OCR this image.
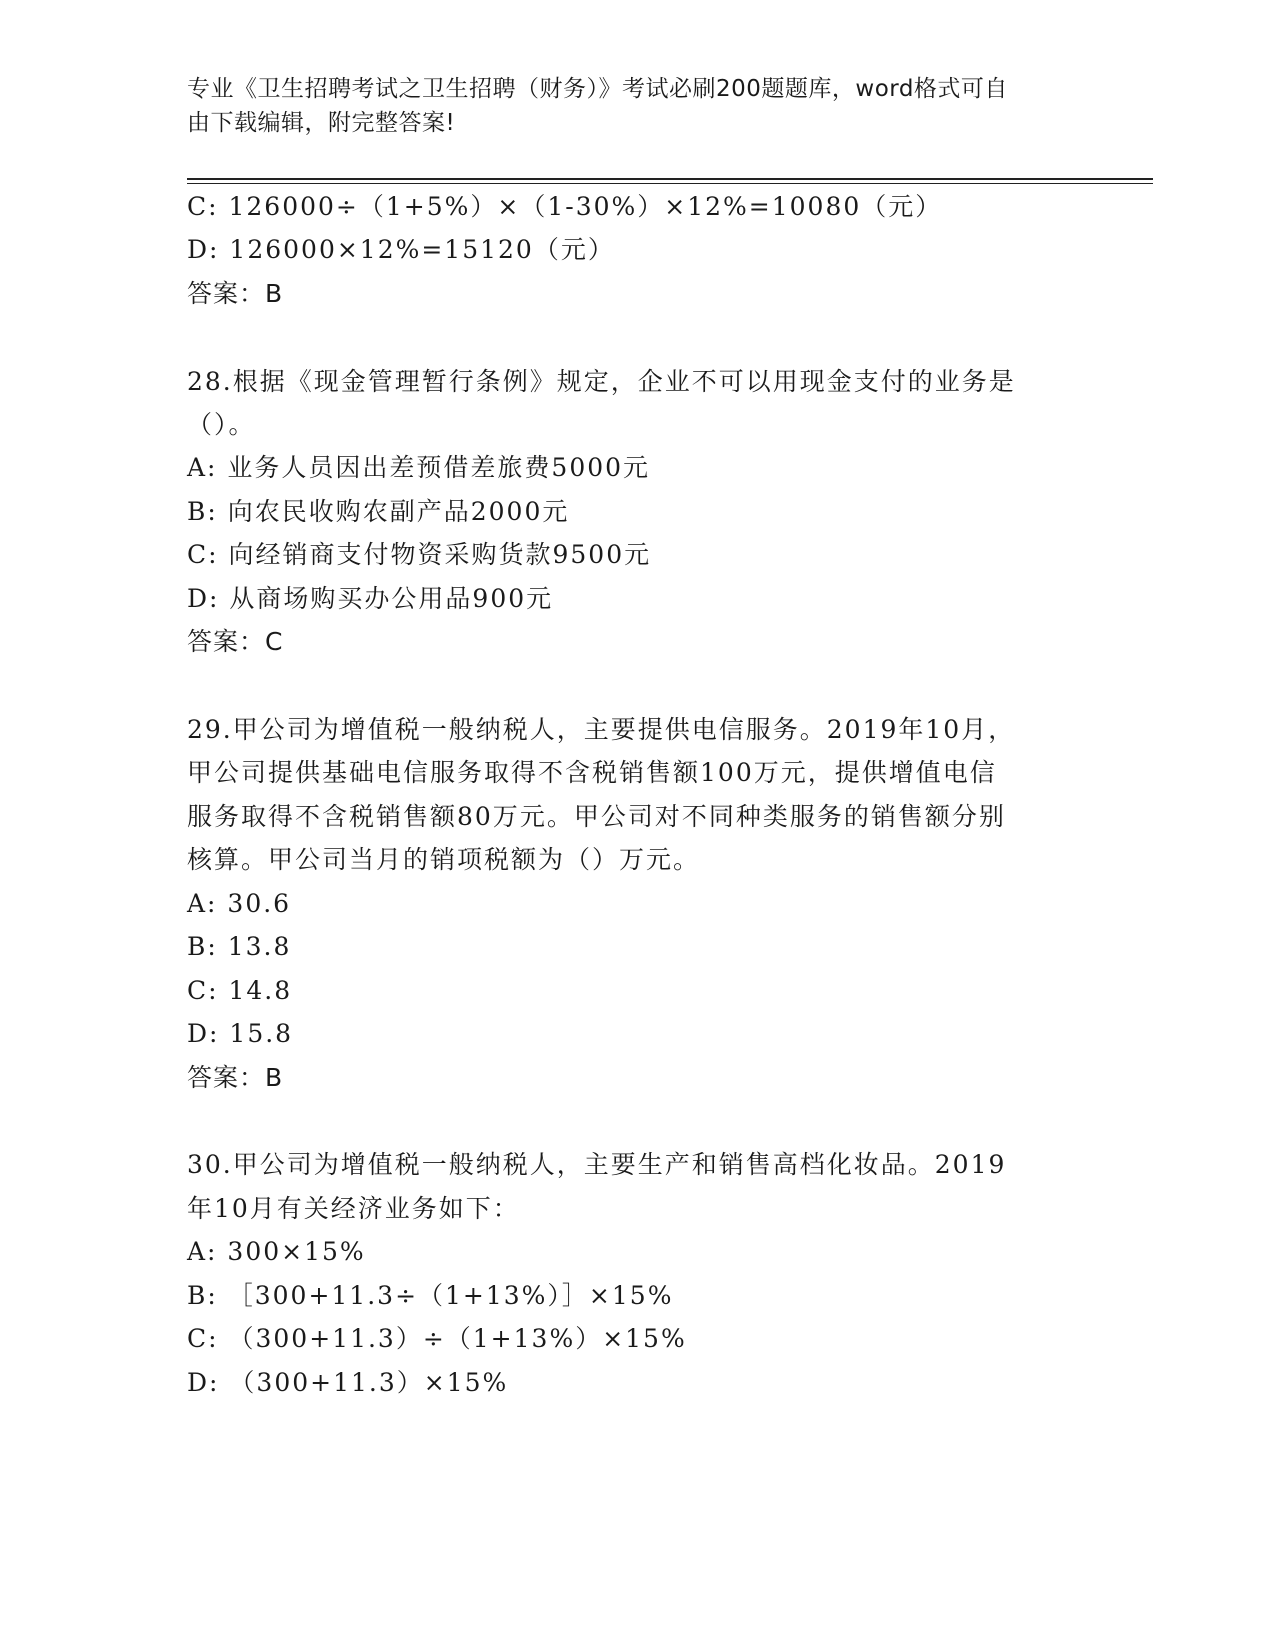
专业《卫生招聘考试之卫生招聘（财务）》考试必刷200题题库，word格式可自
由下载编辑，附完整答案!
C: 126000÷（1+5%）×（1-30%）×12%=10080（元）
D: 126000×12%=15120（元）
答案：B
28.根据《现金管理暂行条例》规定，企业不可以用现金支付的业务是
（）。
A: 业务人员因出差预借差旅费5000元
B: 向农民收购农副产品2000元
C: 向经销商支付物资采购货款9500元
D: 从商场购买办公用品900元
答案：C
29.甲公司为增值税一般纳税人，主要提供电信服务。2019年10月，
甲公司提供基础电信服务取得不含税销售额100万元，提供增值电信
服务取得不含税销售额80万元。甲公司对不同种类服务的销售额分别
核算。甲公司当月的销项税额为（）万元。
A: 30.6
B: 13.8
C: 14.8
D: 15.8
答案：B
30.甲公司为增值税一般纳税人，主要生产和销售高档化妆品。2019
年10月有关经济业务如下：
A: 300×15%
B: ［300+11.3÷（1+13%）］×15%
C: （300+11.3）÷（1+13%）×15%
D: （300+11.3）×15%
